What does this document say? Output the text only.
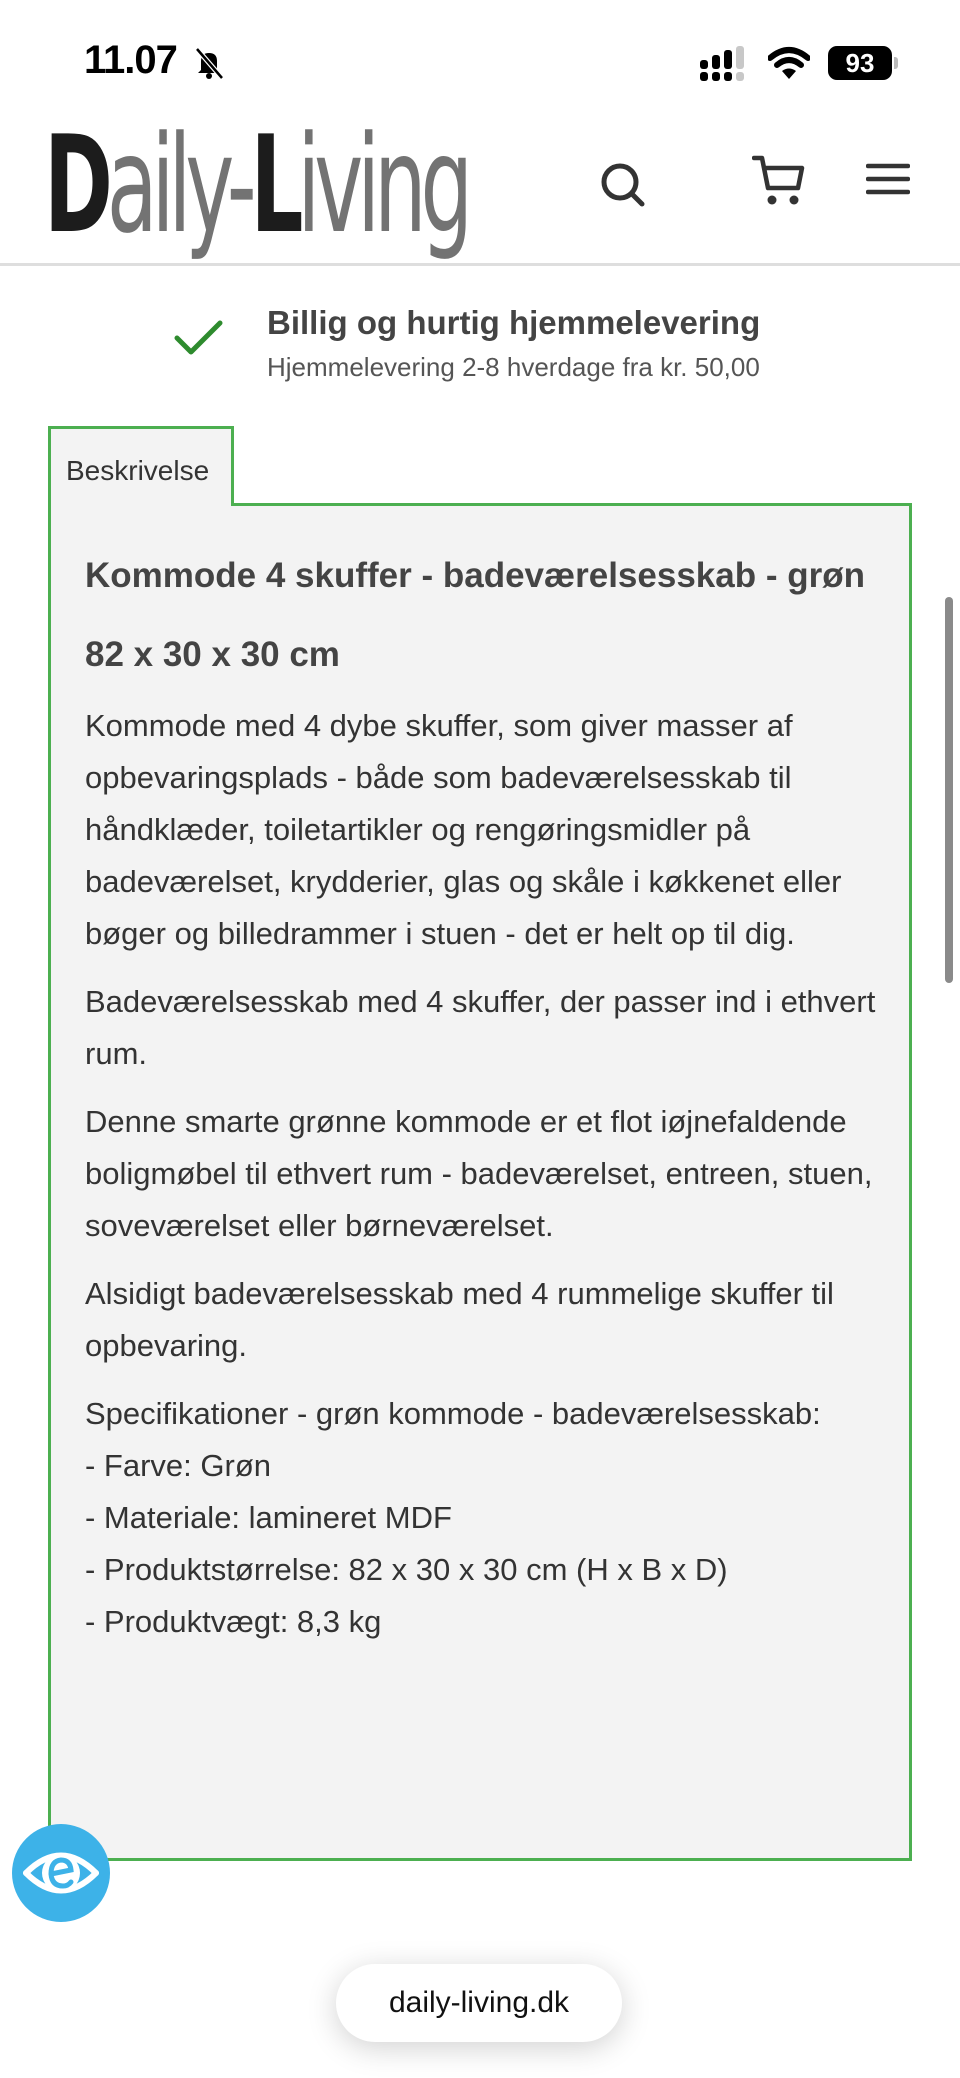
11.07	93
Daily-Living
Billig og hurtig hjemmelevering
Hjemmelevering 2-8 hverdage fra kr. 50,00
Beskrivelse
Kommode 4 skuffer - badeværelsesskab - grøn 82 x 30 x 30 cm

Kommode med 4 dybe skuffer, som giver masser af opbevaringsplads - både som badeværelsesskab til håndklæder, toiletartikler og rengøringsmidler på badeværelset, krydderier, glas og skåle i køkkenet eller bøger og billedrammer i stuen - det er helt op til dig.

Badeværelsesskab med 4 skuffer, der passer ind i ethvert rum.

Denne smarte grønne kommode er et flot iøjnefaldende boligmøbel til ethvert rum - badeværelset, entreen, stuen, soveværelset eller børneværelset.

Alsidigt badeværelsesskab med 4 rummelige skuffer til opbevaring.

Specifikationer - grøn kommode - badeværelsesskab:
- Farve: Grøn
- Materiale: lamineret MDF
- Produktstørrelse: 82 x 30 x 30 cm (H x B x D)
- Produktvægt: 8,3 kg

daily-living.dk
